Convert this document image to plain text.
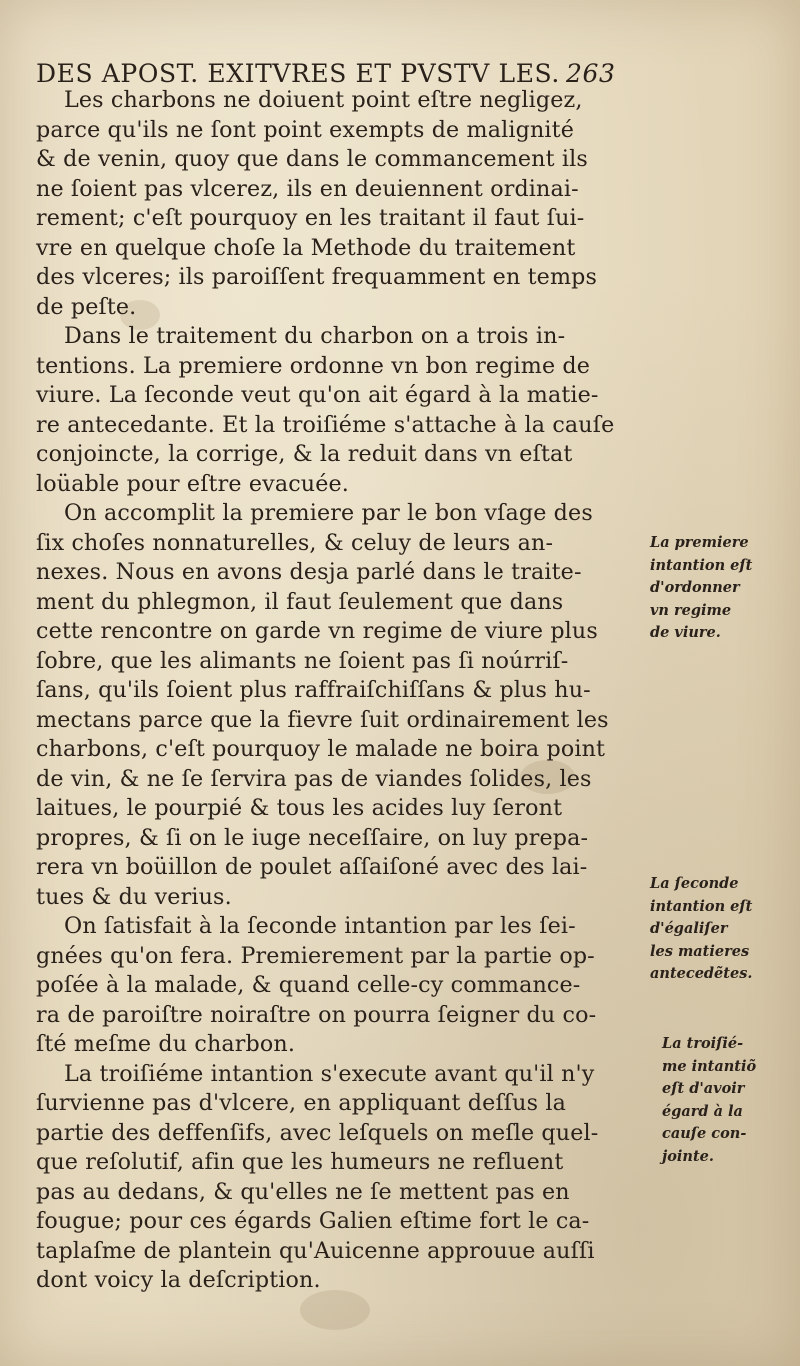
DES APOST. EXITVRES ET PVSTV LES. 263
Les charbons ne doiuent point eſtre negligez,
parce qu'ils ne ſont point exempts de malignité
& de venin, quoy que dans le commancement ils
ne ſoient pas vlcerez, ils en deuiennent ordinai-
rement; c'eſt pourquoy en les traitant il faut ſui-
vre en quelque choſe la Methode du traitement
des vlceres; ils paroiſſent frequamment en temps
de peſte.
Dans le traitement du charbon on a trois in-
tentions. La premiere ordonne vn bon regime de
viure. La ſeconde veut qu'on ait égard à la matie-
re antecedante. Et la troiſiéme s'attache à la cauſe
conjoincte, la corrige, & la reduit dans vn eſtat
loüable pour eſtre evacuée.
On accomplit la premiere par le bon vſage des
ſix choſes nonnaturelles, & celuy de leurs an-
nexes. Nous en avons desja parlé dans le traite-
ment du phlegmon, il faut ſeulement que dans
cette rencontre on garde vn regime de viure plus
ſobre, que les alimants ne ſoient pas ſi noúrriſ-
ſans, qu'ils ſoient plus raffraiſchiſſans & plus hu-
mectans parce que la fievre ſuit ordinairement les
charbons, c'eſt pourquoy le malade ne boira point
de vin, & ne ſe ſervira pas de viandes ſolides, les
laitues, le pourpié & tous les acides luy ſeront
propres, & ſi on le iuge neceſſaire, on luy prepa-
rera vn boüillon de poulet aſſaiſoné avec des lai-
tues & du verius.
On ſatisfait à la ſeconde intantion par les ſei-
gnées qu'on fera. Premierement par la partie op-
poſée à la malade, & quand celle-cy commance-
ra de paroiſtre noiraſtre on pourra ſeigner du co-
ſté meſme du charbon.
La troiſiéme intantion s'execute avant qu'il n'y
ſurvienne pas d'vlcere, en appliquant deſſus la
partie des deffenſifs, avec leſquels on meſle quel-
que reſolutif, afin que les humeurs ne refluent
pas au dedans, & qu'elles ne ſe mettent pas en
fougue; pour ces égards Galien eſtime fort le ca-
taplaſme de plantein qu'Auicenne approuue auſſi
dont voicy la deſcription.
La premiere
intantion eſt
d'ordonner
vn regime
de viure.
La ſeconde
intantion eſt
d'égaliſer
les matieres
antecedẽtes.
La troiſié-
me intantiõ
eſt d'avoir
égard à la
cauſe con-
jointe.
